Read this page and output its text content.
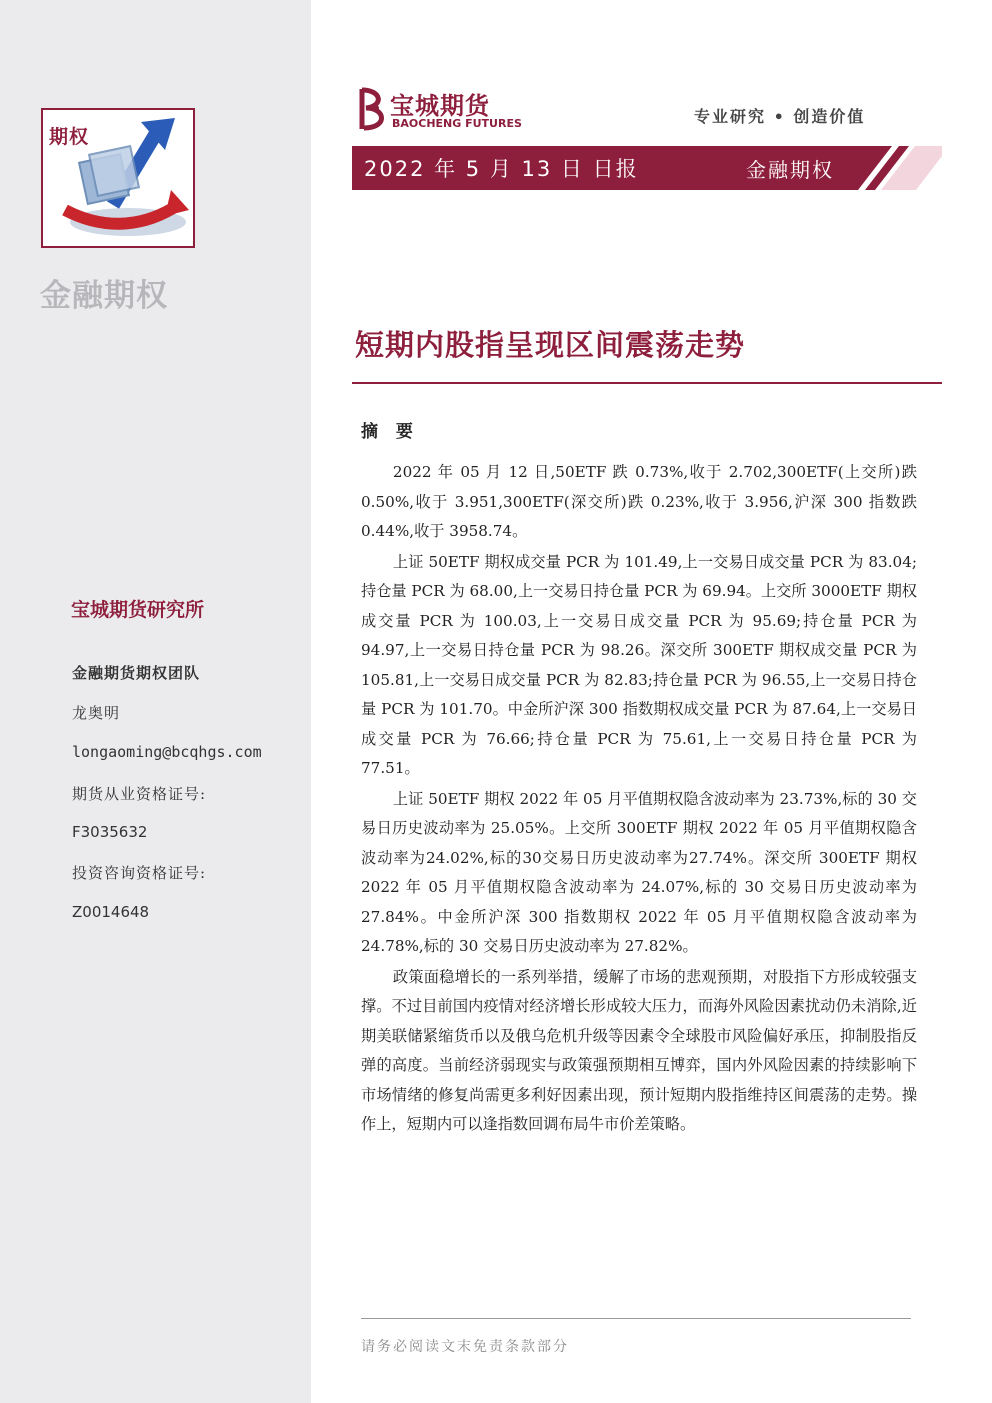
期权
金融期权
宝城期货研究所
金融期货期权团队
龙奥明
longaoming@bcqhgs.com
期货从业资格证号:
F3035632
投资咨询资格证号:
Z0014648
宝城期货
BAOCHENG FUTURES	专业研究 • 创造价值
2022 年 5 月 13 日 日报	金融期权
短期内股指呈现区间震荡走势
摘 要

2022 年 05 月 12 日,50ETF 跌 0.73%,收于 2.702,300ETF(上交所)跌 0.50%,收于 3.951,300ETF(深交所)跌 0.23%,收于 3.956,沪深 300 指数跌 0.44%,收于 3958.74。

上证 50ETF 期权成交量 PCR 为 101.49,上一交易日成交量 PCR 为 83.04;持仓量 PCR 为 68.00,上一交易日持仓量 PCR 为 69.94。上交所 3000ETF 期权成交量 PCR 为 100.03,上一交易日成交量 PCR 为 95.69;持仓量 PCR 为 94.97,上一交易日持仓量 PCR 为 98.26。深交所 300ETF 期权成交量 PCR 为 105.81,上一交易日成交量 PCR 为 82.83;持仓量 PCR 为 96.55,上一交易日持仓量 PCR 为 101.70。中金所沪深 300 指数期权成交量 PCR 为 87.64,上一交易日成交量 PCR 为 76.66;持仓量 PCR 为 75.61,上一交易日持仓量 PCR 为 77.51。

上证 50ETF 期权 2022 年 05 月平值期权隐含波动率为 23.73%,标的 30 交易日历史波动率为 25.05%。上交所 300ETF 期权 2022 年 05 月平值期权隐含波动率为24.02%,标的30交易日历史波动率为27.74%。深交所 300ETF 期权 2022 年 05 月平值期权隐含波动率为 24.07%,标的 30 交易日历史波动率为 27.84%。中金所沪深 300 指数期权 2022 年 05 月平值期权隐含波动率为 24.78%,标的 30 交易日历史波动率为 27.82%。

政策面稳增长的一系列举措，缓解了市场的悲观预期，对股指下方形成较强支撑。不过目前国内疫情对经济增长形成较大压力，而海外风险因素扰动仍未消除,近期美联储紧缩货币以及俄乌危机升级等因素令全球股市风险偏好承压，抑制股指反弹的高度。当前经济弱现实与政策强预期相互博弈，国内外风险因素的持续影响下市场情绪的修复尚需更多利好因素出现，预计短期内股指维持区间震荡的走势。操作上，短期内可以逢指数回调布局牛市价差策略。

请务必阅读文末免责条款部分
